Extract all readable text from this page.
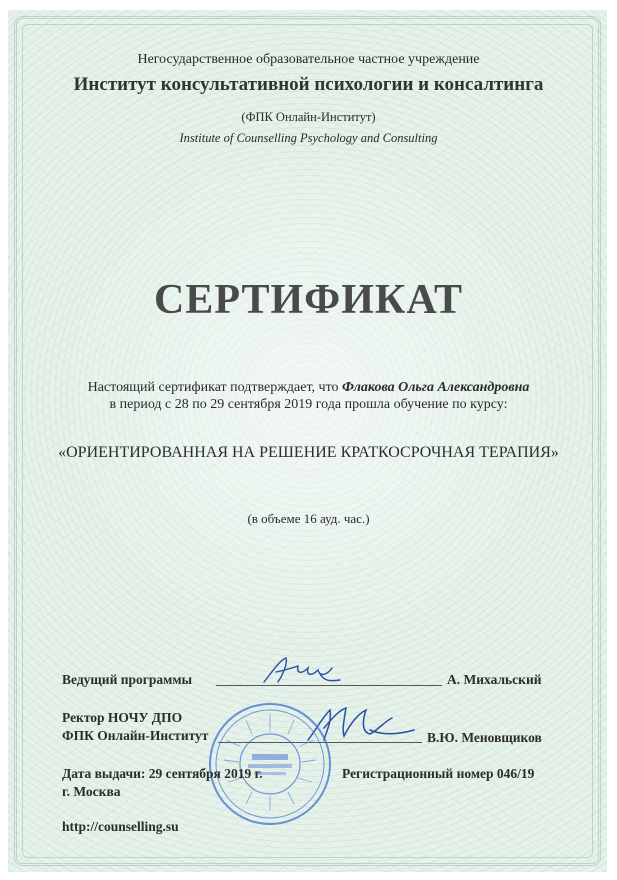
Негосударственное образовательное частное учреждение
Институт консультативной психологии и консалтинга
(ФПК Онлайн-Институт)
Institute of Counselling Psychology and Consulting
СЕРТИФИКАТ
Настоящий сертификат подтверждает, что Флакова Ольга Александровна
в период с 28 по 29 сентября 2019 года прошла обучение по курсу:
«ОРИЕНТИРОВАННАЯ НА РЕШЕНИЕ КРАТКОСРОЧНАЯ ТЕРАПИЯ»
(в объеме 16 ауд. час.)
Ведущий программы	А. Михальский
Ректор НОЧУ ДПО
ФПК Онлайн-Институт	В.Ю. Меновщиков
Дата выдачи: 29 сентября 2019 г.
г. Москва
Регистрационный номер 046/19
http://counselling.su
